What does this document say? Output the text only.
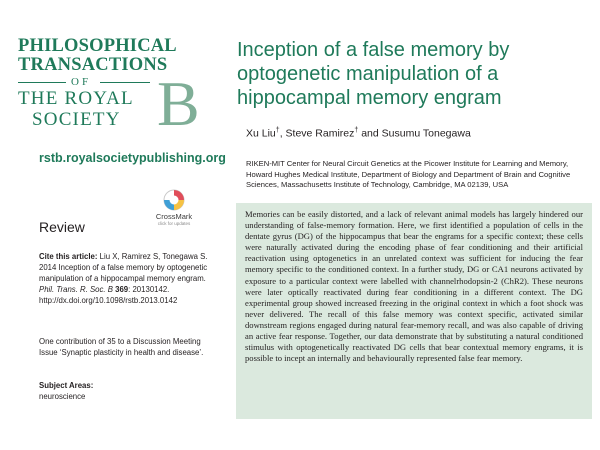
PHILOSOPHICAL
TRANSACTIONS
OF
THE ROYAL
SOCIETY B
rstb.royalsocietypublishing.org
Inception of a false memory by optogenetic manipulation of a hippocampal memory engram
Xu Liu†, Steve Ramirez† and Susumu Tonegawa
RIKEN-MIT Center for Neural Circuit Genetics at the Picower Institute for Learning and Memory, Howard Hughes Medical Institute, Department of Biology and Department of Brain and Cognitive Sciences, Massachusetts Institute of Technology, Cambridge, MA 02139, USA
Review
CrossMark
click for updates
Cite this article: Liu X, Ramirez S, Tonegawa S. 2014 Inception of a false memory by optogenetic manipulation of a hippocampal memory engram. Phil. Trans. R. Soc. B 369: 20130142. http://dx.doi.org/10.1098/rstb.2013.0142
One contribution of 35 to a Discussion Meeting Issue ‘Synaptic plasticity in health and disease’.
Subject Areas:
neuroscience

Memories can be easily distorted, and a lack of relevant animal models has largely hindered our understanding of false-memory formation. Here, we first identified a population of cells in the dentate gyrus (DG) of the hippocampus that bear the engrams for a specific context; these cells were naturally activated during the encoding phase of fear conditioning and their artificial reactivation using optogenetics in an unrelated context was sufficient for inducing the fear memory specific to the conditioned context. In a further study, DG or CA1 neurons activated by exposure to a particular context were labelled with channelrhodopsin-2 (ChR2). These neurons were later optically reactivated during fear conditioning in a different context. The DG experimental group showed increased freezing in the original context in which a foot shock was never delivered. The recall of this false memory was context specific, activated similar downstream regions engaged during natural fear-memory recall, and was also capable of driving an active fear response. Together, our data demonstrate that by substituting a natural conditioned stimulus with optogenetically reactivated DG cells that bear contextual memory engrams, it is possible to incept an internally and behaviourally represented false fear memory.
